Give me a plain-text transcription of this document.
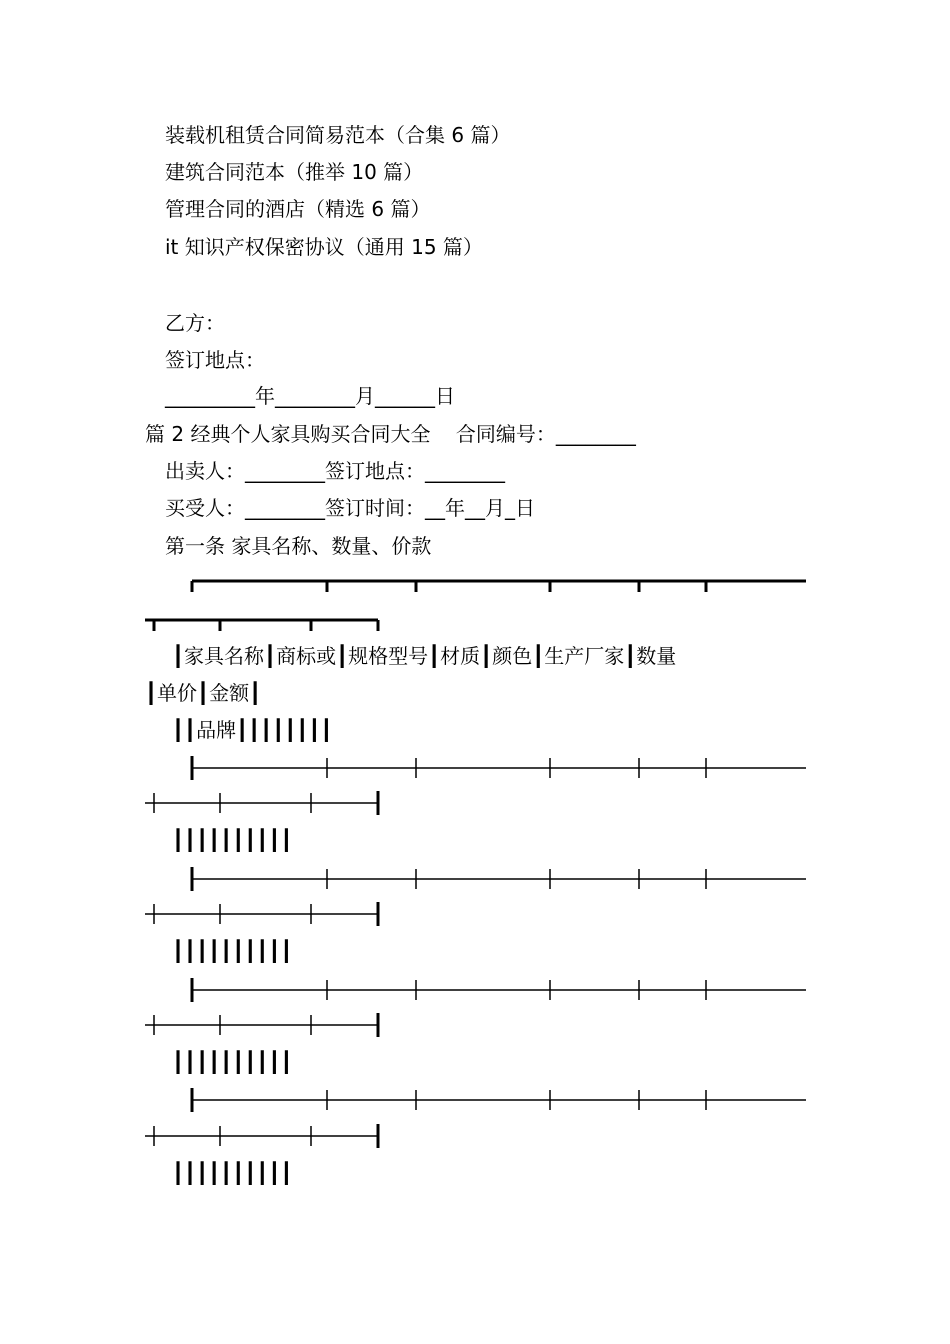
装载机租赁合同简易范本（合集 6 篇）
建筑合同范本（推举 10 篇）
管理合同的酒店（精选 6 篇）
it 知识产权保密协议（通用 15 篇）
乙方：
签订地点：
_________年________月______日
篇 2 经典个人家具购买合同大全    合同编号：________
出卖人：________签订地点：________
买受人：________签订时间：__年__月_日
第一条 家具名称、数量、价款
┃家具名称┃商标或┃规格型号┃材质┃颜色┃生产厂家┃数量
┃单价┃金额┃
┃┃品牌┃┃┃┃┃┃┃┃
┃┃┃┃┃┃┃┃┃┃
┃┃┃┃┃┃┃┃┃┃
┃┃┃┃┃┃┃┃┃┃
┃┃┃┃┃┃┃┃┃┃
